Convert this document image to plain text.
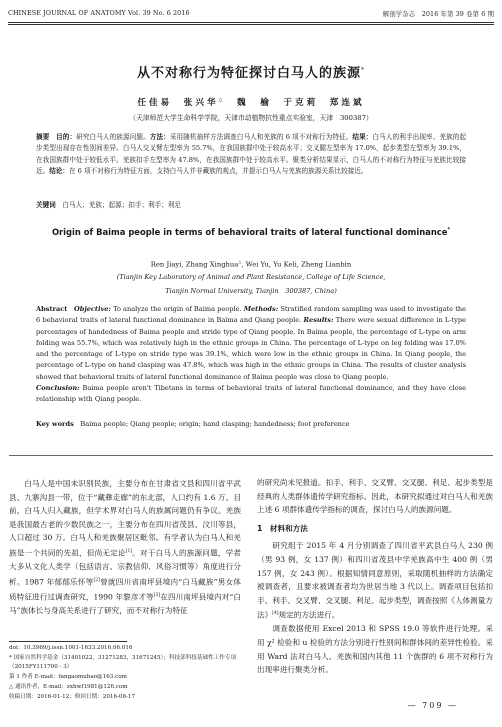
CHINESE JOURNAL OF ANATOMY Vol. 39 No. 6 2016	解剖学杂志　2016 年第 39 卷第 6 期
从不对称行为特征探讨白马人的族源*
任佳易　张兴华△　魏　榆　于克莉　郑连斌
（天津师范大学生命科学学院，天津市动植物抗性重点实验室，天津　300387）
摘要　 目的：研究白马人的族源问题。方法：采用随机抽样方法调查白马人和羌族的 6 项不对称行为特征。结果：白马人的利手出现率、羌族的起步类型出现存在性别间差异。白马人交叉臂左型率为 55.7%，在我国族群中处于较高水平；交叉腿左型率为 17.0%，起步类型左型率为 39.1%，在我国族群中处于较低水平。羌族扣手左型率为 47.8%，在我国族群中处于较高水平。聚类分析结果显示，白马人的不对称行为特征与羌族比较接近。结论：在 6 项不对称行为特征方面，支持白马人并非藏族的观点，并提示白马人与羌族的族源关系比较接近。
关键词　 白马人；羌族；起源；扣手；利手；利足
Origin of Baima people in terms of behavioral traits of lateral functional dominance*
Ren Jiayi, Zhang Xinghua△, Wei Yu, Yu Keli, Zheng Lianbin
(Tianjin Key Laboratory of Animal and Plant Resistance, College of Life Science,
Tianjin Normal University, Tianjin　300387, China)
Abstract　 Objective: To analyze the origin of Baima people. Methods: Stratified random sampling was used to investigate the 6 behavioral traits of lateral functional dominance in Baima and Qiang people. Results: There were sexual difference in L-type percentages of handedness of Baima people and stride type of Qiang people. In Baima people, the percentage of L-type on arm folding was 55.7%, which was relatively high in the ethnic groups in China. The percentage of L-type on leg folding was 17.0% and the percentage of L-type on stride type was 39.1%, which were low in the ethnic groups in China. In Qiang people, the percentage of L-type on hand clasping was 47.8%, which was high in the ethnic groups in China. The results of cluster analysis showed that behavioral traits of lateral functional dominance of Baima people was close to Qiang people.
Conclusion: Baima people aren't Tibetans in terms of behavioral traits of lateral functional dominance, and they have close relationship with Qiang people.
Key words　 Baima people; Qiang people; origin; hand clasping; handedness; foot preference
白马人是中国未识别民族，主要分布在甘肃省文县和四川省平武县、九寨沟县一带，位于“藏彝走廊”的东北部，人口约有 1.6 万。目前，白马人归入藏族，但学术界对白马人的族属问题仍有争议。羌族是我国最古老的少数民族之一，主要分布在四川省茂县、汶川等县，人口超过 30 万。白马人和羌族聚居区毗邻。有学者认为白马人和羌族是一个共同的先祖，但尚无定论[1]。对于白马人的族源问题，学者大多从文化人类学（包括语言、宗教信仰、风俗习惯等）角度进行分析。1987 年郁郁乐怀等[2]曾就四川省南坪县境内“白马藏族”男女体质特征进行过调查研究，1990 年黎彦才等[3]在四川南坪县境内对“白马”族体长与身高关系进行了研究，而不对称行为特征
的研究尚未见报道。扣手、利手、交叉臂、交叉腿、利足、起步类型是经典的人类群体遗传学研究指标。因此，本研究拟通过对白马人和羌族上述 6 项群体遗传学指标的调查，探讨白马人的族源问题。
1　材料和方法
研究组于 2015 年 4 月分别调查了四川省平武县白马人 230 例（男 93 例，女 137 例）和四川省茂县中学羌族高中生 400 例（男 157 例，女 243 例）。根据知情同意原则，采取随机抽样的方法确定被调查者，且要求被调查者均为世居当地 3 代以上。调查项目包括扣手、利手、交叉臂、交叉腿、利足、起步类型，调查按照《人体测量方法》[4]规定的方法进行。
调查数据使用 Excel 2013 和 SPSS 19.0 等软件进行处理。采用 χ² 检验和 u 检验的方法分别进行性别间和群体间的差异性检验。采用 Ward 法对白马人、羌族和国内其他 11 个族群的 6 项不对称行为出现率进行聚类分析。
doi：10.3969/j.issn.1001-1633.2016.06.016
* 国家自然科学基金（31401022，31271283，31671245）；科技部科技基础性工作专项（2015FY111700 - 3）
第 1 作者 E-mail：fangaomubao@163.com
△ 通讯作者，E-mail：zxhwf1981@126.com
收稿日期：2016-01-12；修回日期：2016-08-17
— 709 —
